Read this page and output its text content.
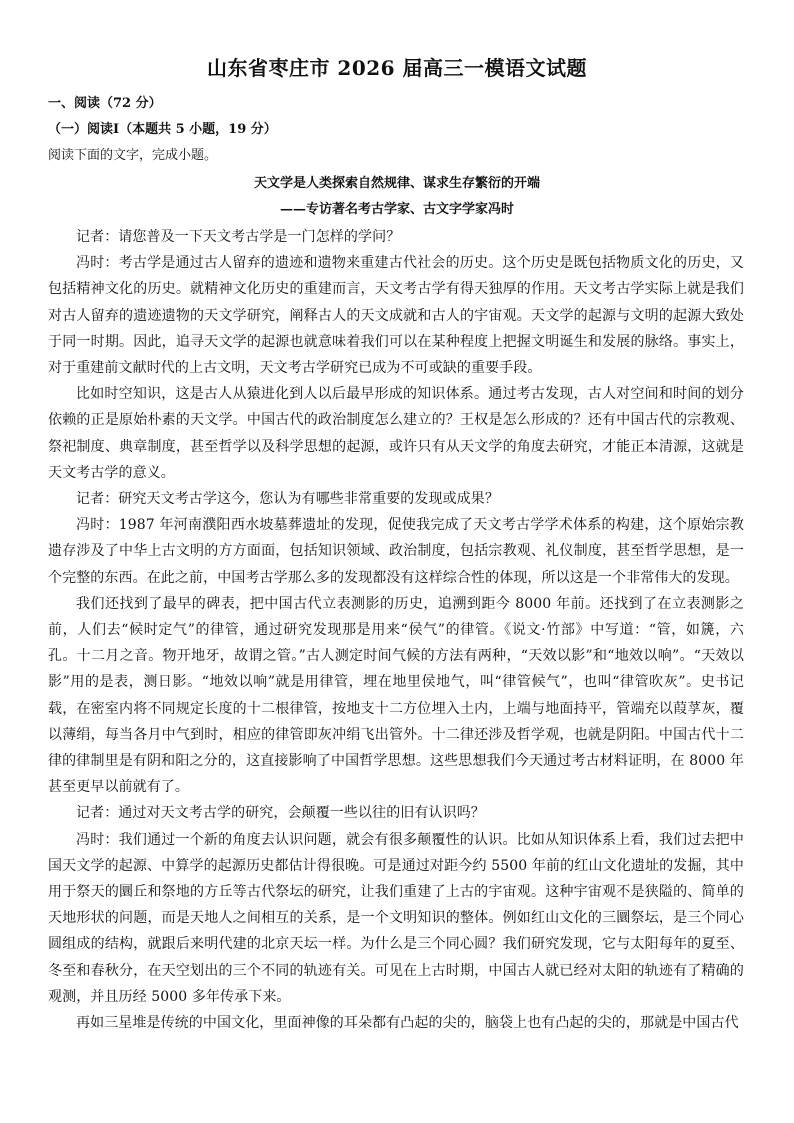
山东省枣庄市 2026 届高三一模语文试题
一、阅读（72 分）
（一）阅读Ⅰ（本题共 5 小题，19 分）
阅读下面的文字，完成小题。
天文学是人类探索自然规律、谋求生存繁衍的开端
——专访著名考古学家、古文字学家冯时

记者：请您普及一下天文考古学是一门怎样的学问？

冯时：考古学是通过古人留弃的遗迹和遗物来重建古代社会的历史。这个历史是既包括物质文化的历史，又包括精神文化的历史。就精神文化历史的重建而言，天文考古学有得天独厚的作用。天文考古学实际上就是我们对古人留弃的遗迹遗物的天文学研究，阐释古人的天文成就和古人的宇宙观。天文学的起源与文明的起源大致处于同一时期。因此，追寻天文学的起源也就意味着我们可以在某种程度上把握文明诞生和发展的脉络。事实上，对于重建前文献时代的上古文明，天文考古学研究已成为不可或缺的重要手段。

比如时空知识，这是古人从猿进化到人以后最早形成的知识体系。通过考古发现，古人对空间和时间的划分依赖的正是原始朴素的天文学。中国古代的政治制度怎么建立的？王权是怎么形成的？还有中国古代的宗教观、祭祀制度、典章制度，甚至哲学以及科学思想的起源，或许只有从天文学的角度去研究，才能正本清源，这就是天文考古学的意义。

记者：研究天文考古学这今，您认为有哪些非常重要的发现或成果？

冯时：1987 年河南濮阳西水坡墓葬遗址的发现，促使我完成了天文考古学学术体系的构建，这个原始宗教遗存涉及了中华上古文明的方方面面，包括知识领域、政治制度，包括宗教观、礼仪制度，甚至哲学思想，是一个完整的东西。在此之前，中国考古学那么多的发现都没有这样综合性的体现，所以这是一个非常伟大的发现。

我们还找到了最早的碑表，把中国古代立表测影的历史，追溯到距今 8000 年前。还找到了在立表测影之前，人们去“候时定气”的律管，通过研究发现那是用来“侯气”的律管。《说文·竹部》中写道：“管，如篪，六孔。十二月之音。物开地牙，故谓之管。”古人测定时间气候的方法有两种，“天效以影”和“地效以响”。“天效以影”用的是表，测日影。“地效以响”就是用律管，埋在地里侯地气，叫“律管候气”，也叫“律管吹灰”。史书记载，在密室内将不同规定长度的十二根律管，按地支十二方位埋入土内，上端与地面持平，管端充以葭莩灰，覆以薄绢，每当各月中气到时，相应的律管即灰冲绢飞出管外。十二律还涉及哲学观，也就是阴阳。中国古代十二律的律制里是有阴和阳之分的，这直接影响了中国哲学思想。这些思想我们今天通过考古材料证明，在 8000 年甚至更早以前就有了。

记者：通过对天文考古学的研究，会颠覆一些以往的旧有认识吗？

冯时：我们通过一个新的角度去认识问题，就会有很多颠覆性的认识。比如从知识体系上看，我们过去把中国天文学的起源、中算学的起源历史都估计得很晚。可是通过对距今约 5500 年前的红山文化遗址的发掘，其中用于祭天的圜丘和祭地的方丘等古代祭坛的研究，让我们重建了上古的宇宙观。这种宇宙观不是狭隘的、简单的天地形状的问题，而是天地人之间相互的关系，是一个文明知识的整体。例如红山文化的三圜祭坛，是三个同心圆组成的结构，就跟后来明代建的北京天坛一样。为什么是三个同心圆？我们研究发现，它与太阳每年的夏至、冬至和春秋分，在天空划出的三个不同的轨迹有关。可见在上古时期，中国古人就已经对太阳的轨迹有了精确的观测，并且历经 5000 多年传承下来。

再如三星堆是传统的中国文化，里面神像的耳朵都有凸起的尖的，脑袋上也有凸起的尖的，那就是中国古代
